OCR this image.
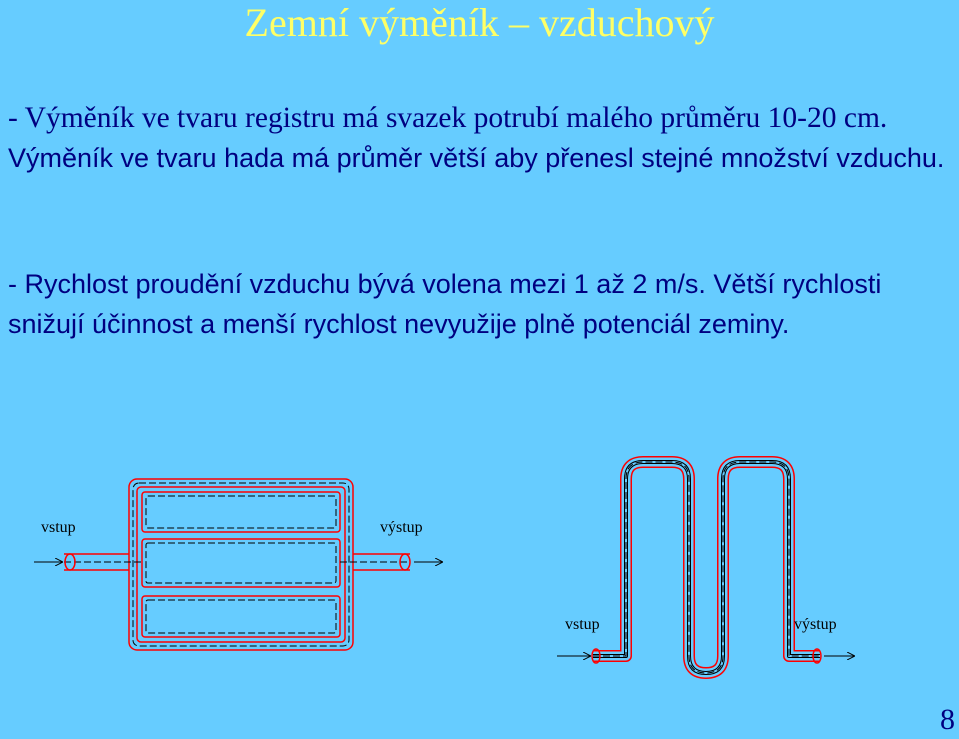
Zemní výměník – vzduchový
- Výměník ve tvaru registru má svazek potrubí malého průměru 10-20 cm. Výměník ve tvaru hada má průměr větší aby přenesl stejné množství vzduchu.
- Rychlost proudění vzduchu bývá volena mezi 1 až 2 m/s. Větší rychlosti snižují účinnost a menší rychlost nevyužije plně potenciál zeminy.
vstup	výstup
vstup	výstup
8
